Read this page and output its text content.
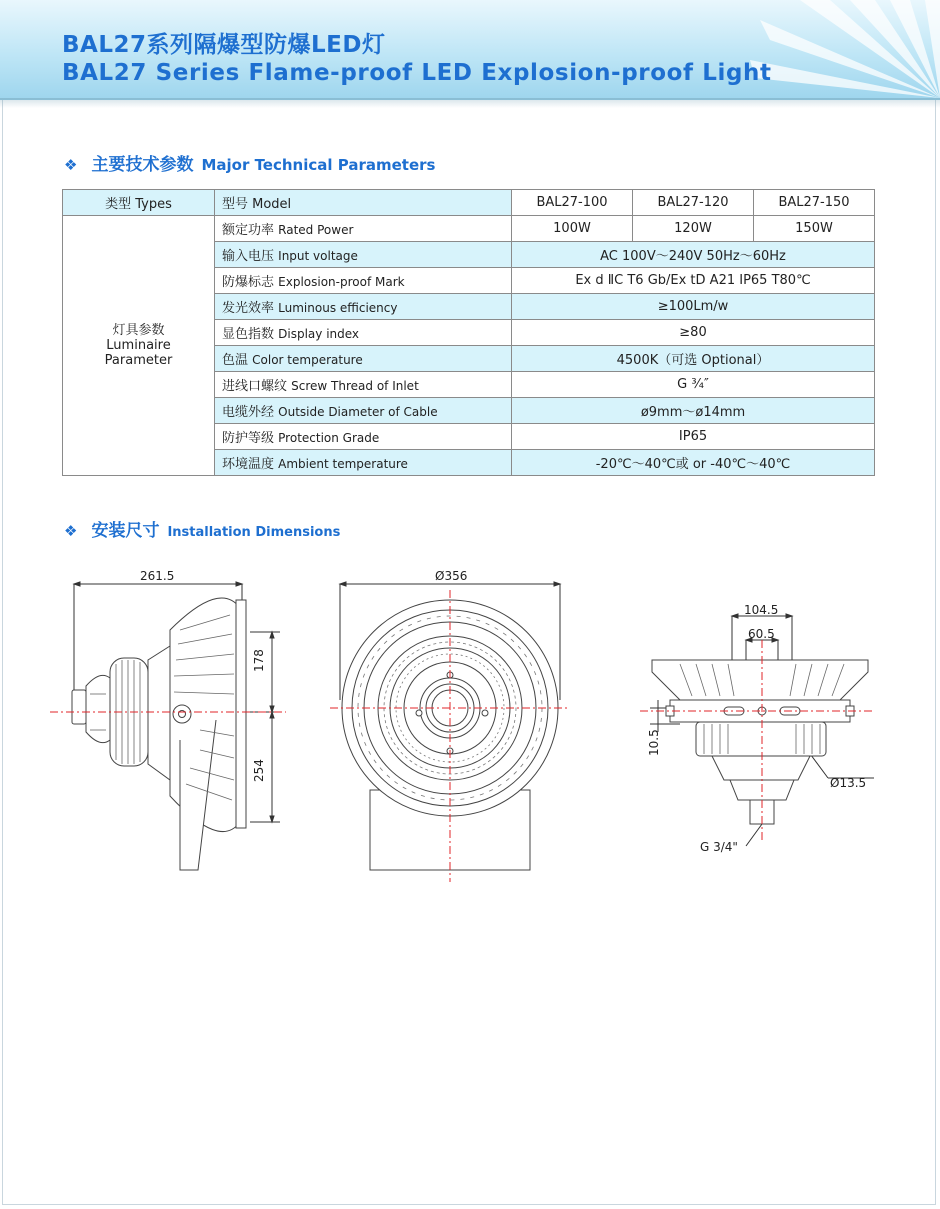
BAL27系列隔爆型防爆LED灯
BAL27 Series Flame-proof LED Explosion-proof Light
❖ 主要技术参数 Major Technical Parameters
类型 Types	型号 Model	BAL27-100	BAL27-120	BAL27-150

灯具参数
Luminaire
Parameter	额定功率 Rated Power	100W	120W	150W
	输入电压 Input voltage	AC 100V～240V 50Hz～60Hz		
	防爆标志 Explosion-proof Mark	Ex d ⅡC T6 Gb/Ex tD A21 IP65 T80℃		
	发光效率 Luminous efficiency	≥100Lm/w		
	显色指数 Display index	≥80		
	色温 Color temperature	4500K（可选 Optional）		
	进线口螺纹 Screw Thread of Inlet	G ¾″		
	电缆外经 Outside Diameter of Cable	ø9mm～ø14mm		
	防护等级 Protection Grade	IP65		
	环境温度 Ambient temperature	-20℃～40℃或 or -40℃～40℃		
❖ 安装尺寸 Installation Dimensions
261.5
178
254
Ø356
104.5
60.5
10.5
Ø13.5
G 3/4"
